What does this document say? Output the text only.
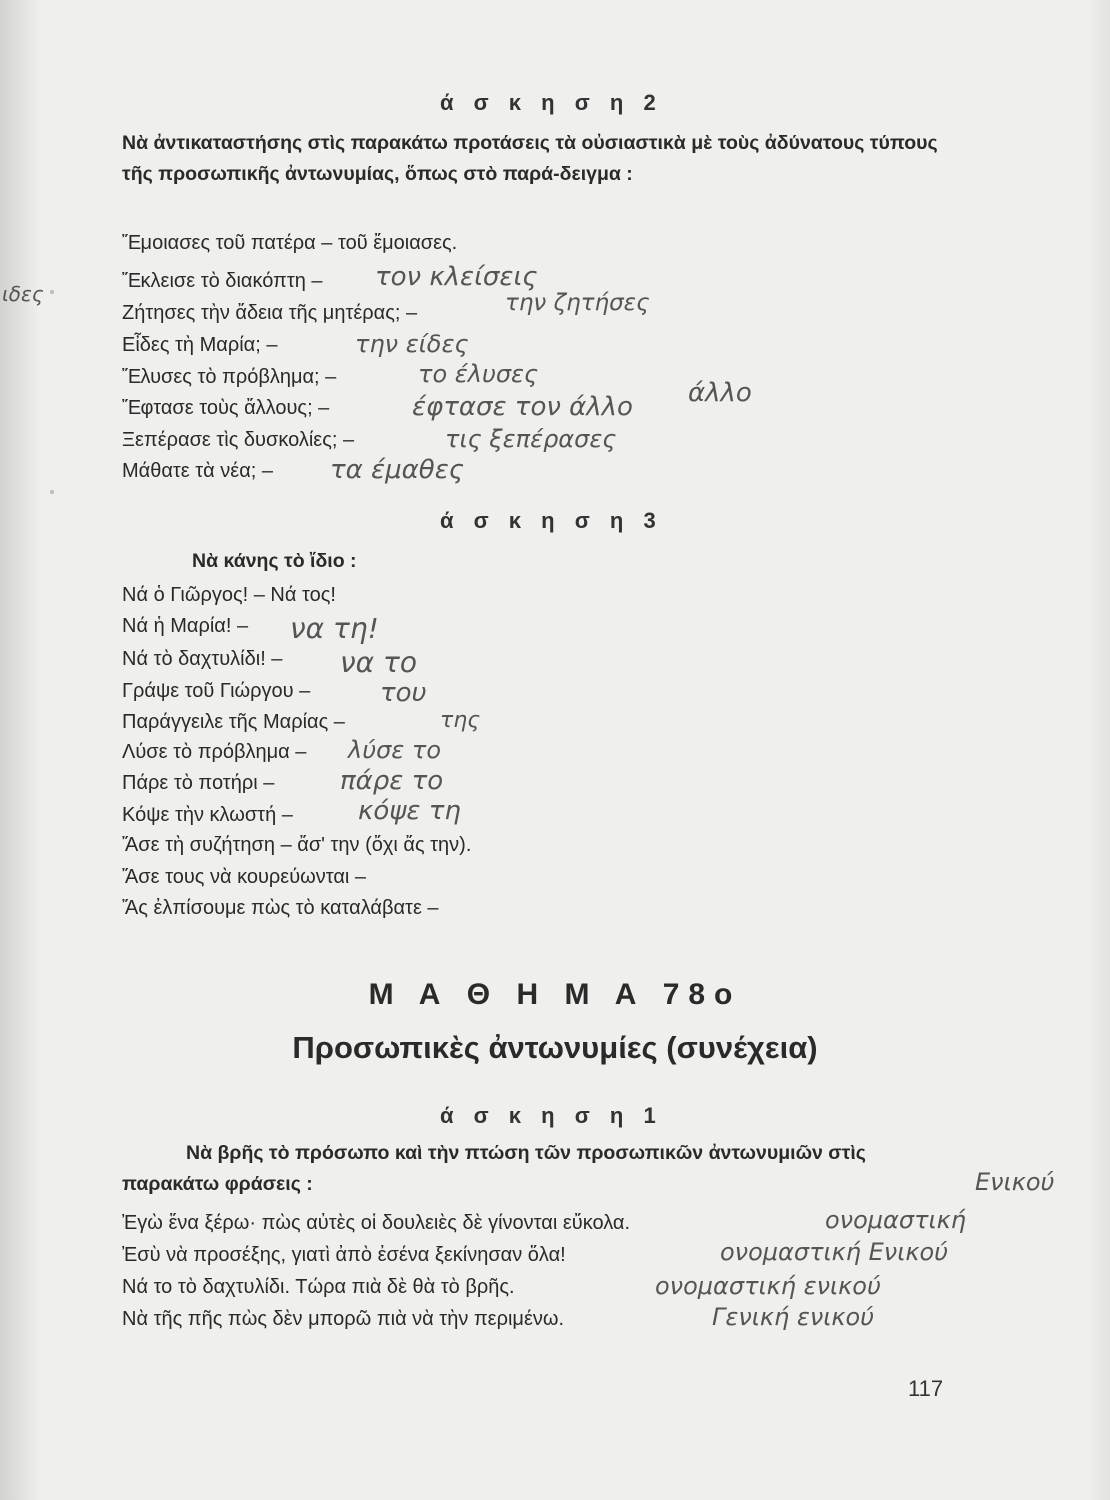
ά σ κ η σ η 2
Νὰ ἀντικαταστήσης στὶς παρακάτω προτάσεις τὰ οὐσιαστικὰ μὲ τοὺς ἀδύνατους τύπους τῆς προσωπικῆς ἀντωνυμίας, ὅπως στὸ παρά-δειγμα :
Ἔμοιασες τοῦ πατέρα – τοῦ ἔμοιασες.
Ἔκλεισε τὸ διακόπτη –
Ζήτησες τὴν ἄδεια τῆς μητέρας; –
Εἶδες τὴ Μαρία; –
Ἔλυσες τὸ πρόβλημα; –
Ἔφτασε τοὺς ἄλλους; –
Ξεπέρασε τὶς δυσκολίες; –
Μάθατε τὰ νέα; –
ιδες
τον κλείσεις
την ζητήσες
την είδες
το έλυσες
άλλο
έφτασε τον άλλο
τις ξεπέρασες
τα έμαθες
ά σ κ η σ η 3
Νὰ κάνης τὸ ἴδιο :
Νά ὁ Γιῶργος! – Νά τος!
Νά ἡ Μαρία! –
Νά τὸ δαχτυλίδι! –
Γράψε τοῦ Γιώργου –
Παράγγειλε τῆς Μαρίας –
Λύσε τὸ πρόβλημα –
Πάρε τὸ ποτήρι –
Κόψε τὴν κλωστή –
Ἄσε τὴ συζήτηση – ἄσ' την (ὄχι ἄς την).
Ἄσε τους νὰ κουρεύωνται –
Ἄς ἐλπίσουμε πὼς τὸ καταλάβατε –
να τη!
να το
του
της
λύσε το
πάρε το
κόψε τη
Μ Α Θ Η Μ Α 78ο
Προσωπικὲς ἀντωνυμίες (συνέχεια)
ά σ κ η σ η 1
Νὰ βρῆς τὸ πρόσωπο καὶ τὴν πτώση τῶν προσωπικῶν ἀντωνυμιῶν στὶς παρακάτω φράσεις :
Ἐγὼ ἕνα ξέρω· πὼς αὐτὲς οἱ δουλειὲς δὲ γίνονται εὔκολα.
Ἐσὺ νὰ προσέξης, γιατὶ ἀπὸ ἐσένα ξεκίνησαν ὅλα!
Νά το τὸ δαχτυλίδι. Τώρα πιὰ δὲ θὰ τὸ βρῆς.
Νὰ τῆς πῆς πὼς δὲν μπορῶ πιὰ νὰ τὴν περιμένω.
Ενικού
ονομαστική
ονομαστική Ενικού
ονομαστική ενικού
Γενική ενικού
117
